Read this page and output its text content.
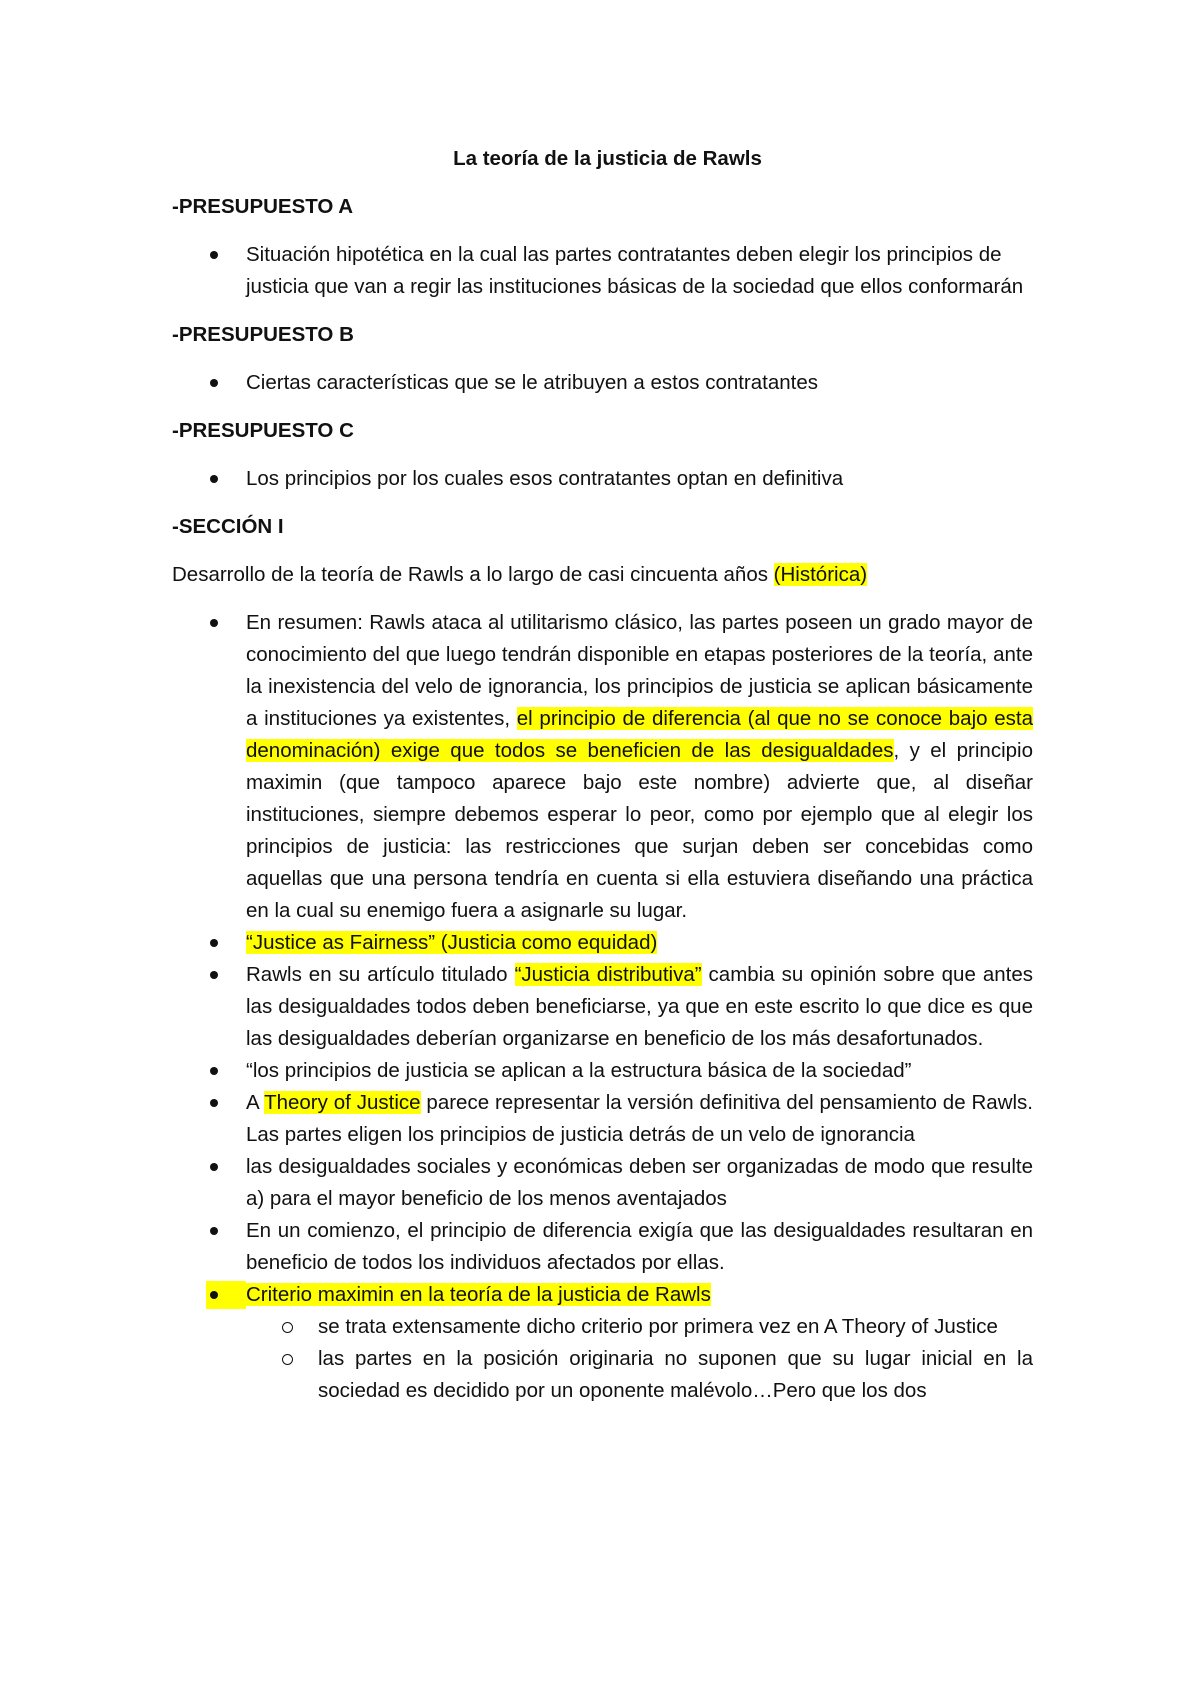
La teoría de la justicia de Rawls
-PRESUPUESTO A
Situación hipotética en la cual las partes contratantes deben elegir los principios de justicia que van a regir las instituciones básicas de la sociedad que ellos conformarán
-PRESUPUESTO B
Ciertas características que se le atribuyen a estos contratantes
-PRESUPUESTO C
Los principios por los cuales esos contratantes optan en definitiva
-SECCIÓN I

Desarrollo de la teoría de Rawls a lo largo de casi cincuenta años (Histórica)

En resumen: Rawls ataca al utilitarismo clásico, las partes poseen un grado mayor de conocimiento del que luego tendrán disponible en etapas posteriores de la teoría, ante la inexistencia del velo de ignorancia, los principios de justicia se aplican básicamente a instituciones ya existentes, el principio de diferencia (al que no se conoce bajo esta denominación) exige que todos se beneficien de las desigualdades, y el principio maximin (que tampoco aparece bajo este nombre) advierte que, al diseñar instituciones, siempre debemos esperar lo peor, como por ejemplo que al elegir los principios de justicia: las restricciones que surjan deben ser concebidas como aquellas que una persona tendría en cuenta si ella estuviera diseñando una práctica en la cual su enemigo fuera a asignarle su lugar.
“Justice as Fairness” (Justicia como equidad)
Rawls en su artículo titulado “Justicia distributiva” cambia su opinión sobre que antes las desigualdades todos deben beneficiarse, ya que en este escrito lo que dice es que las desigualdades deberían organizarse en beneficio de los más desafortunados.
“los principios de justicia se aplican a la estructura básica de la sociedad”
A Theory of Justice parece representar la versión definitiva del pensamiento de Rawls. Las partes eligen los principios de justicia detrás de un velo de ignorancia
las desigualdades sociales y económicas deben ser organizadas de modo que resulte a) para el mayor beneficio de los menos aventajados
En un comienzo, el principio de diferencia exigía que las desigualdades resultaran en beneficio de todos los individuos afectados por ellas.
Criterio maximin en la teoría de la justicia de Rawls
se trata extensamente dicho criterio por primera vez en A Theory of Justice
las partes en la posición originaria no suponen que su lugar inicial en la sociedad es decidido por un oponente malévolo…Pero que los dos
